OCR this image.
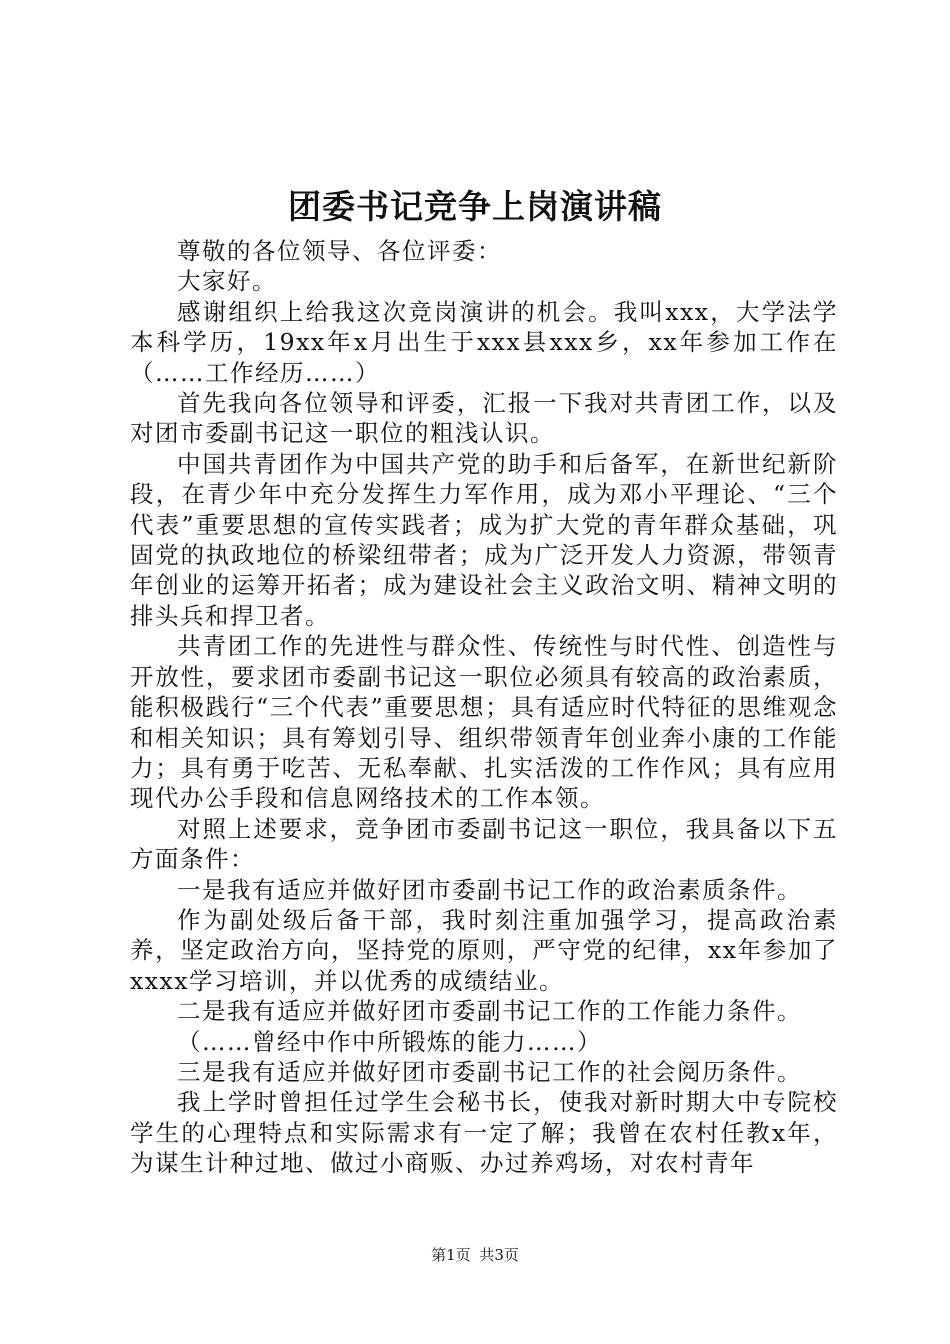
团委书记竞争上岗演讲稿

尊敬的各位领导、各位评委：

大家好。

感谢组织上给我这次竞岗演讲的机会。我叫xxx，大学法学本科学历，19xx年x月出生于xxx县xxx乡，xx年参加工作在（……工作经历……）

首先我向各位领导和评委，汇报一下我对共青团工作，以及对团市委副书记这一职位的粗浅认识。

中国共青团作为中国共产党的助手和后备军，在新世纪新阶段，在青少年中充分发挥生力军作用，成为邓小平理论、“三个代表”重要思想的宣传实践者；成为扩大党的青年群众基础，巩固党的执政地位的桥梁纽带者；成为广泛开发人力资源，带领青年创业的运筹开拓者；成为建设社会主义政治文明、精神文明的排头兵和捍卫者。

共青团工作的先进性与群众性、传统性与时代性、创造性与开放性，要求团市委副书记这一职位必须具有较高的政治素质，能积极践行“三个代表”重要思想；具有适应时代特征的思维观念和相关知识；具有筹划引导、组织带领青年创业奔小康的工作能力；具有勇于吃苦、无私奉献、扎实活泼的工作作风；具有应用现代办公手段和信息网络技术的工作本领。

对照上述要求，竞争团市委副书记这一职位，我具备以下五方面条件：

一是我有适应并做好团市委副书记工作的政治素质条件。

作为副处级后备干部，我时刻注重加强学习，提高政治素养，坚定政治方向，坚持党的原则，严守党的纪律，xx年参加了xxxx学习培训，并以优秀的成绩结业。

二是我有适应并做好团市委副书记工作的工作能力条件。

（……曾经中作中所锻炼的能力……）

三是我有适应并做好团市委副书记工作的社会阅历条件。

我上学时曾担任过学生会秘书长，使我对新时期大中专院校学生的心理特点和实际需求有一定了解；我曾在农村任教x年，为谋生计种过地、做过小商贩、办过养鸡场，对农村青年

第1页 共3页
